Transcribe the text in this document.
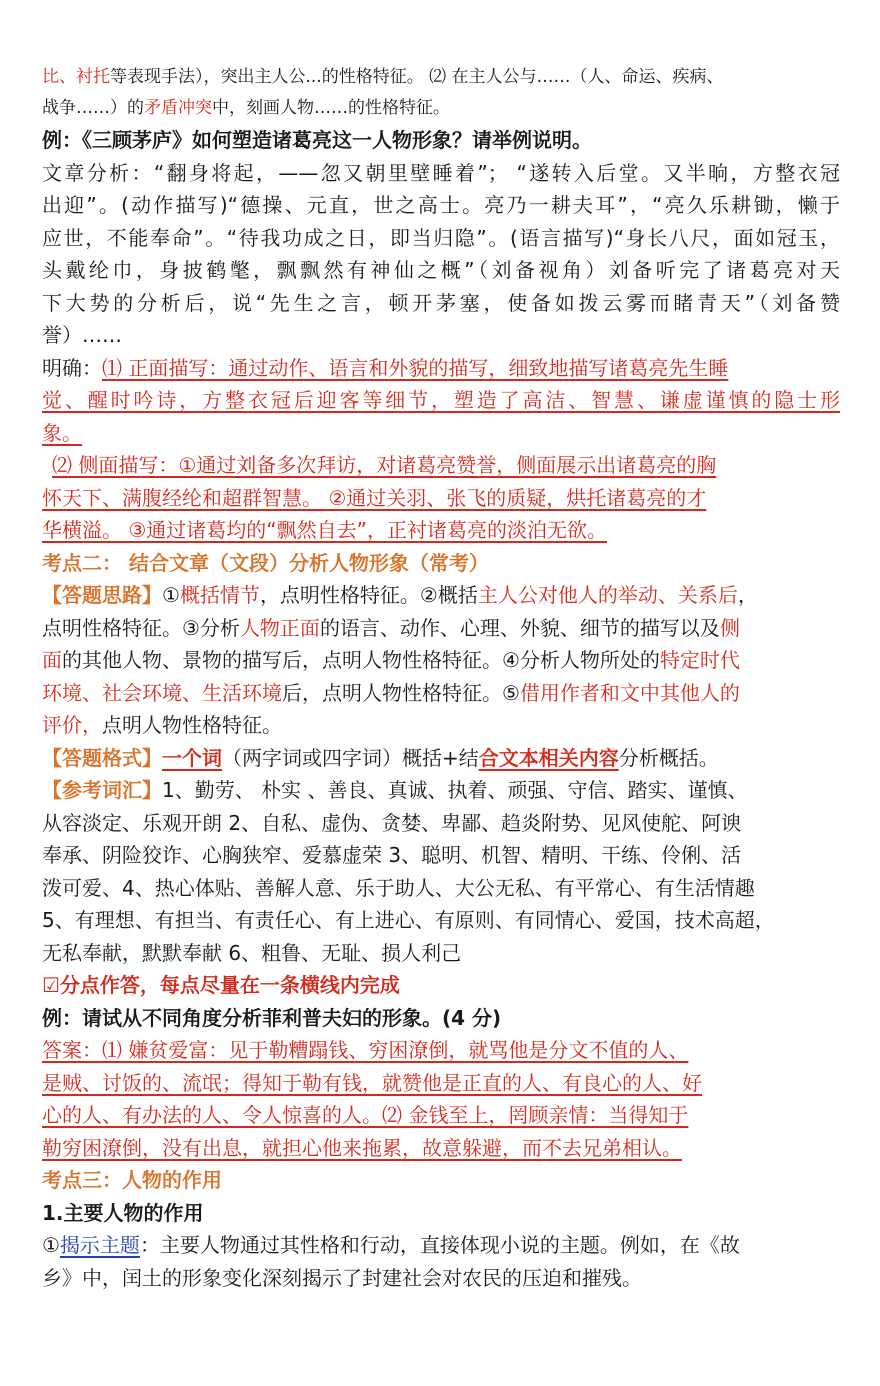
比、衬托等表现手法），突出主人公...的性格特征。 ⑵ 在主人公与……（人、命运、疾病、
战争……）的矛盾冲突中，刻画人物……的性格特征。
例：《三顾茅庐》如何塑造诸葛亮这一人物形象？请举例说明。
文章分析：“翻身将起，——忽又朝里壁睡着”； “遂转入后堂。又半晌，方整衣冠
出迎”。(动作描写)“德操、元直，世之高士。亮乃一耕夫耳”，“亮久乐耕锄，懒于
应世，不能奉命”。“待我功成之日，即当归隐”。(语言描写)“身长八尺，面如冠玉，
头戴纶巾，身披鹤氅，飘飘然有神仙之概”（刘备视角）刘备听完了诸葛亮对天
下大势的分析后，说“先生之言，顿开茅塞，使备如拨云雾而睹青天”（刘备赞
誉）……
明确：⑴ 正面描写：通过动作、语言和外貌的描写，细致地描写诸葛亮先生睡
觉、醒时吟诗，方整衣冠后迎客等细节，塑造了高洁、智慧、谦虚谨慎的隐士形
象。
⑵ 侧面描写：①通过刘备多次拜访，对诸葛亮赞誉，侧面展示出诸葛亮的胸
怀天下、满腹经纶和超群智慧。 ②通过关羽、张飞的质疑，烘托诸葛亮的才
华横溢。 ③通过诸葛均的“飘然自去”，正衬诸葛亮的淡泊无欲。
考点二： 结合文章（文段）分析人物形象（常考）
【答题思路】①概括情节，点明性格特征。②概括主人公对他人的举动、关系后，
点明性格特征。③分析人物正面的语言、动作、心理、外貌、细节的描写以及侧
面的其他人物、景物的描写后，点明人物性格特征。④分析人物所处的特定时代
环境、社会环境、生活环境后，点明人物性格特征。⑤借用作者和文中其他人的
评价，点明人物性格特征。
【答题格式】一个词（两字词或四字词）概括+结合文本相关内容分析概括。
【参考词汇】1、勤劳、 朴实 、善良、真诚、执着、顽强、守信、踏实、谨慎、
从容淡定、乐观开朗 2、自私、虚伪、贪婪、卑鄙、趋炎附势、见风使舵、阿谀
奉承、阴险狡诈、心胸狭窄、爱慕虚荣 3、聪明、机智、精明、干练、伶俐、活
泼可爱、4、热心体贴、善解人意、乐于助人、大公无私、有平常心、有生活情趣
5、有理想、有担当、有责任心、有上进心、有原则、有同情心、爱国，技术高超，
无私奉献，默默奉献 6、粗鲁、无耻、损人利己
☑分点作答，每点尽量在一条横线内完成
例：请试从不同角度分析菲利普夫妇的形象。(4 分)
答案：⑴ 嫌贫爱富：见于勒糟蹋钱、穷困潦倒，就骂他是分文不值的人、
是贼、讨饭的、流氓；得知于勒有钱，就赞他是正直的人、有良心的人、好
心的人、有办法的人、令人惊喜的人。⑵ 金钱至上，罔顾亲情：当得知于
勒穷困潦倒，没有出息，就担心他来拖累，故意躲避，而不去兄弟相认。
考点三：人物的作用
1.主要人物的作用
①揭示主题：主要人物通过其性格和行动，直接体现小说的主题。例如，在《故
乡》中，闰土的形象变化深刻揭示了封建社会对农民的压迫和摧残。
